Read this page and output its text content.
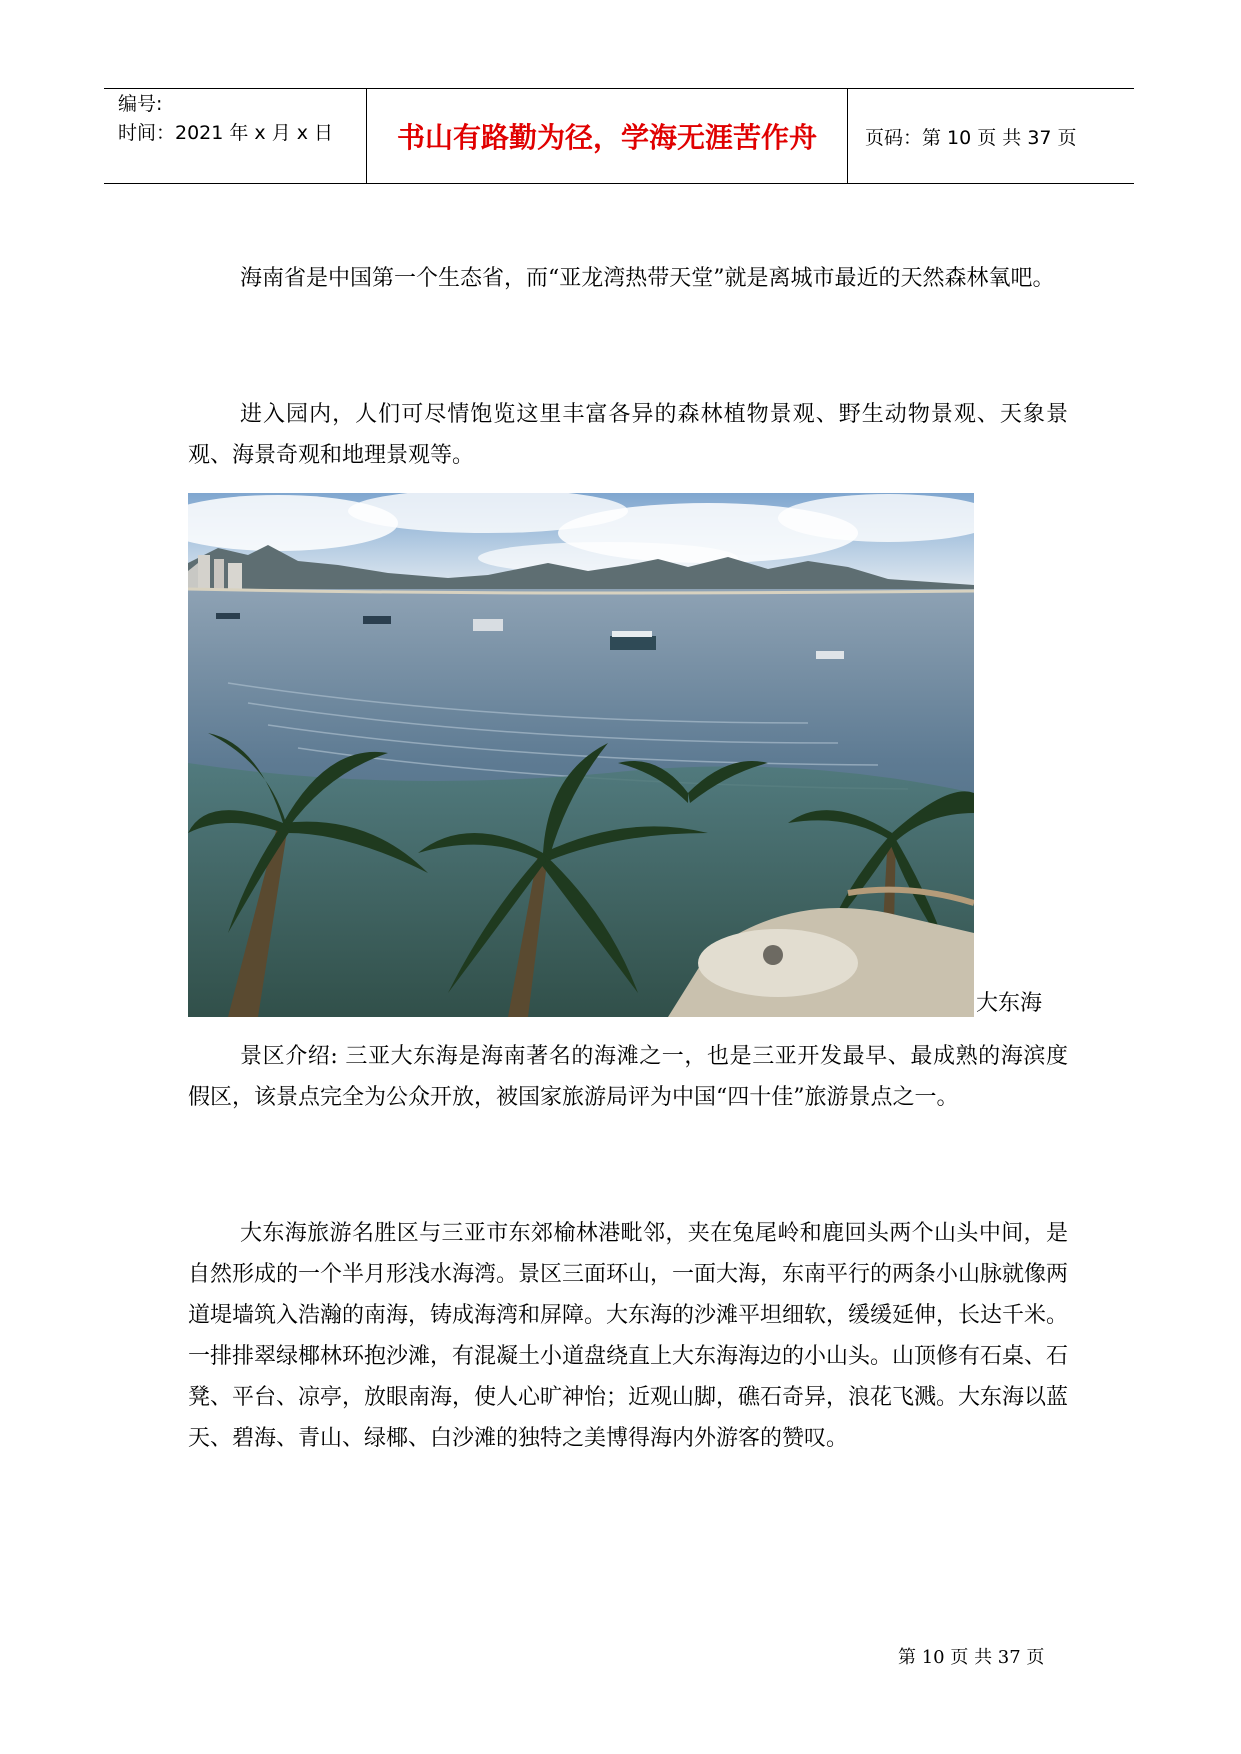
编号:
时间：2021 年 x 月 x 日 书山有路勤为径，学海无涯苦作舟	页码：第 10 页 共 37 页

海南省是中国第一个生态省，而“亚龙湾热带天堂”就是离城市最近的天然森林氧吧。

进入园内，人们可尽情饱览这里丰富各异的森林植物景观、野生动物景观、天象景观、海景奇观和地理景观等。

大东海

景区介绍: 三亚大东海是海南著名的海滩之一，也是三亚开发最早、最成熟的海滨度假区，该景点完全为公众开放，被国家旅游局评为中国“四十佳”旅游景点之一。

大东海旅游名胜区与三亚市东郊榆林港毗邻，夹在兔尾岭和鹿回头两个山头中间，是自然形成的一个半月形浅水海湾。景区三面环山，一面大海，东南平行的两条小山脉就像两道堤墙筑入浩瀚的南海，铸成海湾和屏障。大东海的沙滩平坦细软，缓缓延伸，长达千米。一排排翠绿椰林环抱沙滩，有混凝土小道盘绕直上大东海海边的小山头。山顶修有石桌、石凳、平台、凉亭，放眼南海，使人心旷神怡；近观山脚，礁石奇异，浪花飞溅。大东海以蓝天、碧海、青山、绿椰、白沙滩的独特之美博得海内外游客的赞叹。

第 10 页 共 37 页
